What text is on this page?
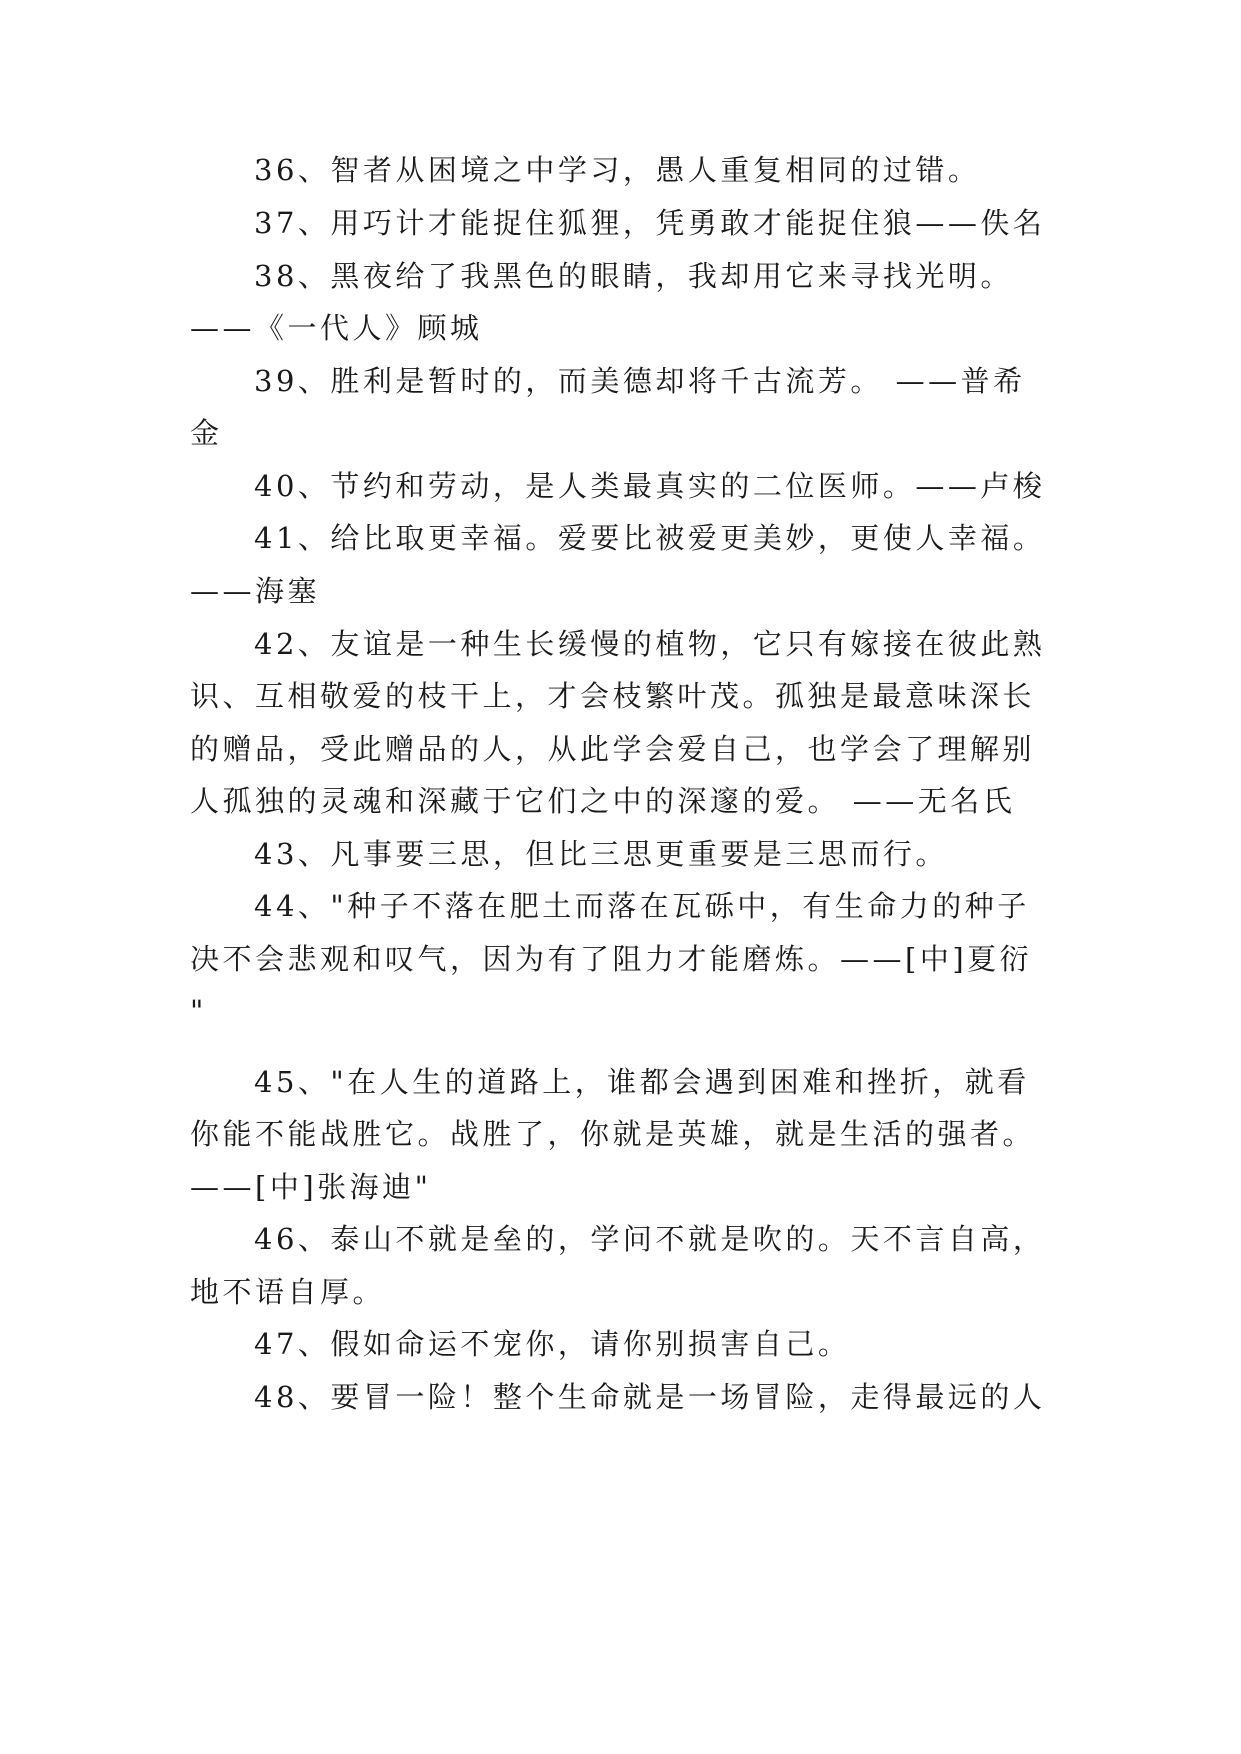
36、智者从困境之中学习，愚人重复相同的过错。
37、用巧计才能捉住狐狸，凭勇敢才能捉住狼——佚名
38、黑夜给了我黑色的眼睛，我却用它来寻找光明。
——《一代人》顾城
39、胜利是暂时的，而美德却将千古流芳。 ——普希
金
40、节约和劳动，是人类最真实的二位医师。——卢梭
41、给比取更幸福。爱要比被爱更美妙，更使人幸福。
——海塞
42、友谊是一种生长缓慢的植物，它只有嫁接在彼此熟
识、互相敬爱的枝干上，才会枝繁叶茂。孤独是最意味深长
的赠品，受此赠品的人，从此学会爱自己，也学会了理解别
人孤独的灵魂和深藏于它们之中的深邃的爱。 ——无名氏
43、凡事要三思，但比三思更重要是三思而行。
44、"种子不落在肥土而落在瓦砾中，有生命力的种子
决不会悲观和叹气，因为有了阻力才能磨炼。——[中]夏衍
"
45、"在人生的道路上，谁都会遇到困难和挫折，就看
你能不能战胜它。战胜了，你就是英雄，就是生活的强者。
——[中]张海迪"
46、泰山不就是垒的，学问不就是吹的。天不言自高，
地不语自厚。
47、假如命运不宠你，请你别损害自己。
48、要冒一险！整个生命就是一场冒险，走得最远的人
